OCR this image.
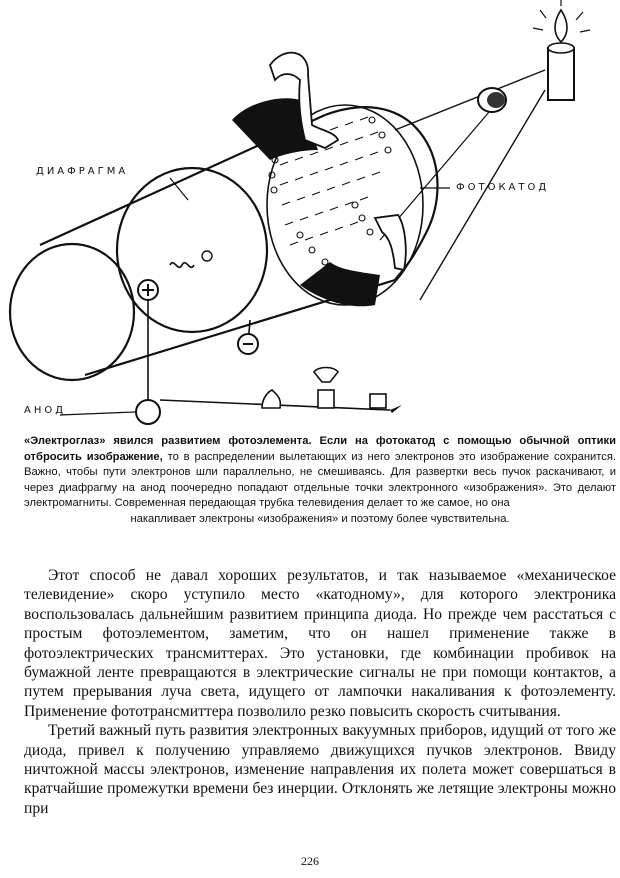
ДИАФРАГМА
ФОТОКАТОД
АНОД

«Электроглаз» явился развитием фотоэлемента. Если на фотокатод с помощью обычной оптики отбросить изображение, то в распределении вылетающих из него электронов это изображение сохранится. Важно, чтобы пути электронов шли параллельно, не смешиваясь. Для развертки весь пучок раскачивают, и через диафрагму на анод поочередно попадают отдельные точки электронного «изображения». Это делают электромагниты. Современная передающая трубка телевидения делает то же самое, но она

накапливает электроны «изображения» и поэтому более чувствительна.

Этот способ не давал хороших результатов, и так называемое «механическое телевидение» скоро уступило место «катодному», для которого электроника воспользовалась дальнейшим развитием принципа диода. Но прежде чем расстаться с простым фотоэлементом, заметим, что он нашел применение также в фотоэлектрических трансмиттерах. Это установки, где комбинации пробивок на бумажной ленте превращаются в электрические сигналы не при помощи контактов, а путем прерывания луча света, идущего от лампочки накаливания к фотоэлементу. Применение фототрансмиттера позволило резко повысить скорость считывания.

Третий важный путь развития электронных вакуумных приборов, идущий от того же диода, привел к получению управляемо движущихся пучков электронов. Ввиду ничтожной массы электронов, изменение направления их полета может совершаться в кратчайшие промежутки времени без инерции. Отклонять же летящие электроны можно при

226
